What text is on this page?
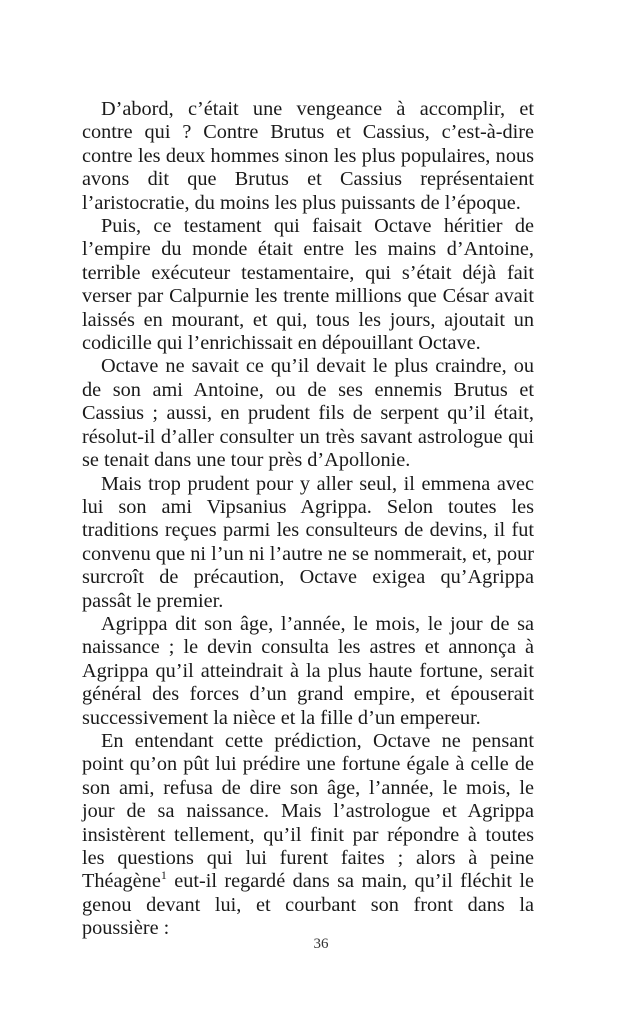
D’abord, c’était une vengeance à accomplir, et contre qui ? Contre Brutus et Cassius, c’est-à-dire contre les deux hommes sinon les plus populaires, nous avons dit que Brutus et Cassius représentaient l’aristocratie, du moins les plus puissants de l’époque.

Puis, ce testament qui faisait Octave héritier de l’empire du monde était entre les mains d’Antoine, terrible exécuteur testamentaire, qui s’était déjà fait verser par Calpurnie les trente millions que César avait laissés en mourant, et qui, tous les jours, ajoutait un codicille qui l’enrichissait en dépouillant Octave.

Octave ne savait ce qu’il devait le plus craindre, ou de son ami Antoine, ou de ses ennemis Brutus et Cassius ; aussi, en prudent fils de serpent qu’il était, résolut-il d’aller consulter un très savant astrologue qui se tenait dans une tour près d’Apollonie.

Mais trop prudent pour y aller seul, il emmena avec lui son ami Vipsanius Agrippa. Selon toutes les traditions reçues parmi les consulteurs de devins, il fut convenu que ni l’un ni l’autre ne se nommerait, et, pour surcroît de précaution, Octave exigea qu’Agrippa passât le premier.

Agrippa dit son âge, l’année, le mois, le jour de sa naissance ; le devin consulta les astres et annonça à Agrippa qu’il atteindrait à la plus haute fortune, serait général des forces d’un grand empire, et épouserait successivement la nièce et la fille d’un empereur.

En entendant cette prédiction, Octave ne pensant point qu’on pût lui prédire une fortune égale à celle de son ami, refusa de dire son âge, l’année, le mois, le jour de sa naissance. Mais l’astrologue et Agrippa insistèrent tellement, qu’il finit par répondre à toutes les questions qui lui furent faites ; alors à peine Théagène$^1$ eut-il regardé dans sa main, qu’il fléchit le genou devant lui, et courbant son front dans la poussière :

36
